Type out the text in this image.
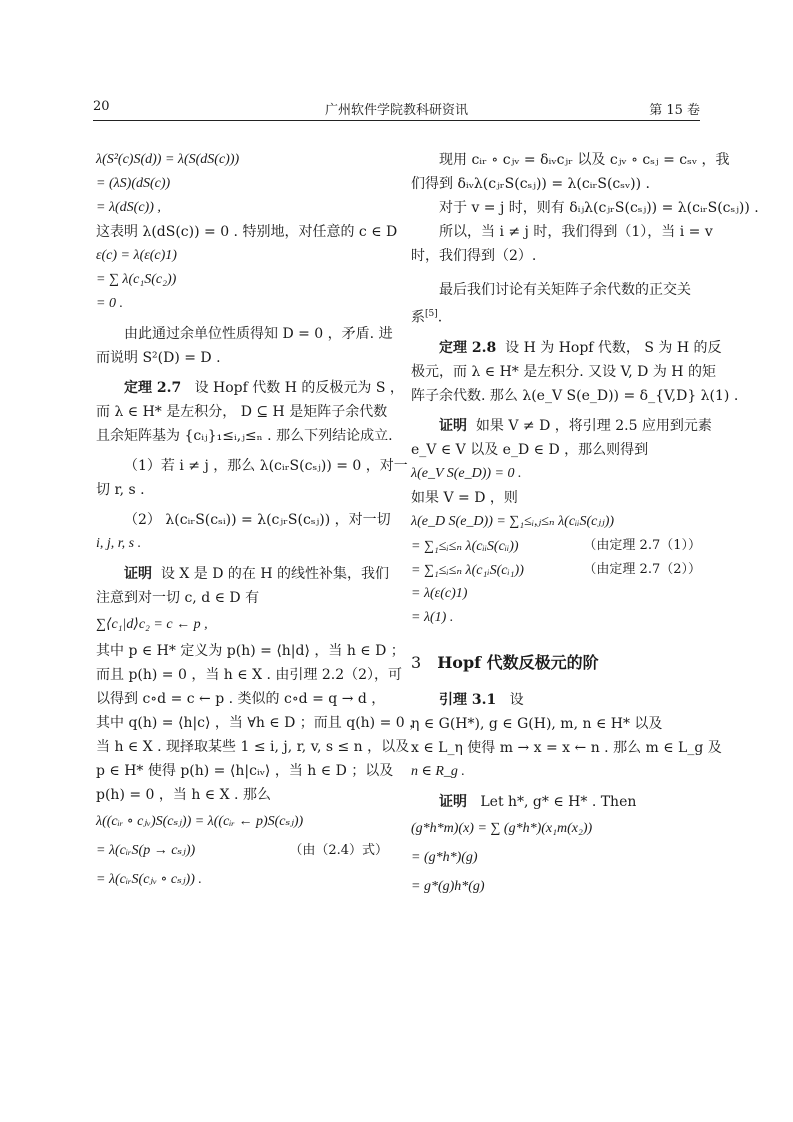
20	广州软件学院教科研资讯	第 15 卷
λ(S²(c)S(d)) = λ(S(dS(c)))
= (λS)(dS(c))
= λ(dS(c)) ,
这表明 λ(dS(c)) = 0 . 特别地，对任意的 c ∈ D
ε(c) = λ(ε(c)1)
= ∑ λ(c₁S(c₂))
= 0 .
由此通过余单位性质得知 D = 0 ，矛盾. 进
而说明 S²(D) = D .
定理 2.7 设 Hopf 代数 H 的反极元为 S ，
而 λ ∈ H* 是左积分， D ⊆ H 是矩阵子余代数
且余矩阵基为 {cᵢⱼ}₁≤ᵢ,ⱼ≤ₙ . 那么下列结论成立.
（1）若 i ≠ j ，那么 λ(cᵢᵣS(cₛⱼ)) = 0 ，对一
切 r, s .
（2） λ(cᵢᵣS(cₛᵢ)) = λ(cⱼᵣS(cₛⱼ)) ，对一切
i, j, r, s .
证明 设 X 是 D 的在 H 的线性补集，我们
注意到对一切 c, d ∈ D 有
∑⟨c₁|d⟩c₂ = c ← p ,
其中 p ∈ H* 定义为 p(h) = ⟨h|d⟩ ，当 h ∈ D ；
而且 p(h) = 0 ，当 h ∈ X . 由引理 2.2（2），可
以得到 c∘d = c ← p . 类似的 c∘d = q → d ，
其中 q(h) = ⟨h|c⟩ ，当 ∀h ∈ D ；而且 q(h) = 0 ，
当 h ∈ X . 现择取某些 1 ≤ i, j, r, v, s ≤ n ，以及
p ∈ H* 使得 p(h) = ⟨h|cᵢᵥ⟩ ，当 h ∈ D ；以及
p(h) = 0 ，当 h ∈ X . 那么
λ((cᵢᵣ ∘ cⱼᵥ)S(cₛⱼ)) = λ((cᵢᵣ ← p)S(cₛⱼ))
= λ(cᵢᵣS(p → cₛⱼ))	（由（2.4）式）
= λ(cᵢᵣS(cⱼᵥ ∘ cₛⱼ)) .
现用 cᵢᵣ ∘ cⱼᵥ = δᵢᵥcⱼᵣ 以及 cⱼᵥ ∘ cₛⱼ = cₛᵥ ，我
们得到 δᵢᵥλ(cⱼᵣS(cₛⱼ)) = λ(cᵢᵣS(cₛᵥ)) .
对于 v = j 时，则有 δᵢⱼλ(cⱼᵣS(cₛⱼ)) = λ(cᵢᵣS(cₛⱼ)) .
所以，当 i ≠ j 时，我们得到（1），当 i = v
时，我们得到（2）.
最后我们讨论有关矩阵子余代数的正交关
系[5].
定理 2.8 设 H 为 Hopf 代数， S 为 H 的反
极元，而 λ ∈ H* 是左积分. 又设 V, D 为 H 的矩
阵子余代数. 那么 λ(e_V S(e_D)) = δ_{V,D} λ(1) .
证明 如果 V ≠ D ，将引理 2.5 应用到元素
e_V ∈ V 以及 e_D ∈ D ，那么则得到
λ(e_V S(e_D)) = 0 .
如果 V = D ，则
λ(e_D S(e_D)) = ∑₁≤ᵢ,ⱼ≤ₙ λ(cᵢᵢS(cⱼⱼ))
= ∑₁≤ᵢ≤ₙ λ(cᵢᵢS(cᵢᵢ))	（由定理 2.7（1））
= ∑₁≤ᵢ≤ₙ λ(c₁ᵢS(cᵢ₁))	（由定理 2.7（2））
= λ(ε(c)1)
= λ(1) .
3 Hopf 代数反极元的阶
引理 3.1 设
η ∈ G(H*), g ∈ G(H), m, n ∈ H* 以及
x ∈ L_η 使得 m → x = x ← n . 那么 m ∈ L_g 及
n ∈ R_g .
证明 Let h*, g* ∈ H* . Then
(g*h*m)(x) = ∑ (g*h*)(x₁m(x₂))
= (g*h*)(g)
= g*(g)h*(g)
